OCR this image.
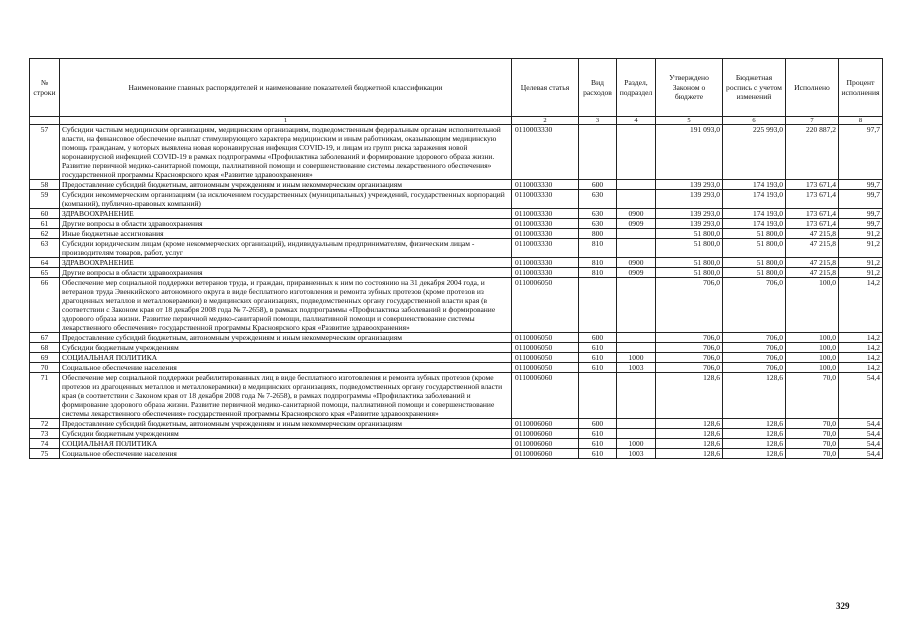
№ строки	Наименование главных распорядителей и наименование показателей бюджетной классификации	Целевая статья	Вид расходов	Раздел, подраздел	Утверждено Законом о бюджете	Бюджетная роспись с учетом изменений	Исполнено	Процент исполнения
	1	2	3	4	5	6	7	8
57	Субсидии частным медицинским организациям, медицинским организациям, подведомственным федеральным органам исполнительной власти, на финансовое обеспечение выплат стимулирующего характера медицинским и иным работникам, оказывающим медицинскую помощь гражданам, у которых выявлена новая коронавирусная инфекция COVID-19, и лицам из групп риска заражения новой коронавирусной инфекцией COVID-19 в рамках подпрограммы «Профилактика заболеваний и формирование здорового образа жизни. Развитие первичной медико-санитарной помощи, паллиативной помощи и совершенствование системы лекарственного обеспечения» государственной программы Красноярского края «Развитие здравоохранения»	0110003330			191 093,0	225 993,0	220 887,2	97,7
58	Предоставление субсидий бюджетным, автономным учреждениям и иным некоммерческим организациям	0110003330	600		139 293,0	174 193,0	173 671,4	99,7
59	Субсидии некоммерческим организациям (за исключением государственных (муниципальных) учреждений, государственных корпораций (компаний), публично-правовых компаний)	0110003330	630		139 293,0	174 193,0	173 671,4	99,7
60	ЗДРАВООХРАНЕНИЕ	0110003330	630	0900	139 293,0	174 193,0	173 671,4	99,7
61	Другие вопросы в области здравоохранения	0110003330	630	0909	139 293,0	174 193,0	173 671,4	99,7
62	Иные бюджетные ассигнования	0110003330	800		51 800,0	51 800,0	47 215,8	91,2
63	Субсидии юридическим лицам (кроме некоммерческих организаций), индивидуальным предпринимателям, физическим лицам - производителям товаров, работ, услуг	0110003330	810		51 800,0	51 800,0	47 215,8	91,2
64	ЗДРАВООХРАНЕНИЕ	0110003330	810	0900	51 800,0	51 800,0	47 215,8	91,2
65	Другие вопросы в области здравоохранения	0110003330	810	0909	51 800,0	51 800,0	47 215,8	91,2
66	Обеспечение мер социальной поддержки ветеранов труда, и граждан, приравненных к ним по состоянию на 31 декабря 2004 года, и ветеранов труда Эвенкийского автономного округа в виде бесплатного изготовления и ремонта зубных протезов (кроме протезов из драгоценных металлов и металлокерамики) в медицинских организациях, подведомственных органу государственной власти края (в соответствии с Законом края от 18 декабря 2008 года № 7-2658), в рамках подпрограммы «Профилактика заболеваний и формирование здорового образа жизни. Развитие первичной медико-санитарной помощи, паллиативной помощи и совершенствование системы лекарственного обеспечения» государственной программы Красноярского края «Развитие здравоохранения»	0110006050			706,0	706,0	100,0	14,2
67	Предоставление субсидий бюджетным, автономным учреждениям и иным некоммерческим организациям	0110006050	600		706,0	706,0	100,0	14,2
68	Субсидии бюджетным учреждениям	0110006050	610		706,0	706,0	100,0	14,2
69	СОЦИАЛЬНАЯ ПОЛИТИКА	0110006050	610	1000	706,0	706,0	100,0	14,2
70	Социальное обеспечение населения	0110006050	610	1003	706,0	706,0	100,0	14,2
71	Обеспечение мер социальной поддержки реабилитированных лиц в виде бесплатного изготовления и ремонта зубных протезов (кроме протезов из драгоценных металлов и металлокерамики) в медицинских организациях, подведомственных органу государственной власти края (в соответствии с Законом края от 18 декабря 2008 года № 7-2658), в рамках подпрограммы «Профилактика заболеваний и формирование здорового образа жизни. Развитие первичной медико-санитарной помощи, паллиативной помощи и совершенствование системы лекарственного обеспечения» государственной программы Красноярского края «Развитие здравоохранения»	0110006060			128,6	128,6	70,0	54,4
72	Предоставление субсидий бюджетным, автономным учреждениям и иным некоммерческим организациям	0110006060	600		128,6	128,6	70,0	54,4
73	Субсидии бюджетным учреждениям	0110006060	610		128,6	128,6	70,0	54,4
74	СОЦИАЛЬНАЯ ПОЛИТИКА	0110006060	610	1000	128,6	128,6	70,0	54,4
75	Социальное обеспечение населения	0110006060	610	1003	128,6	128,6	70,0	54,4
329
